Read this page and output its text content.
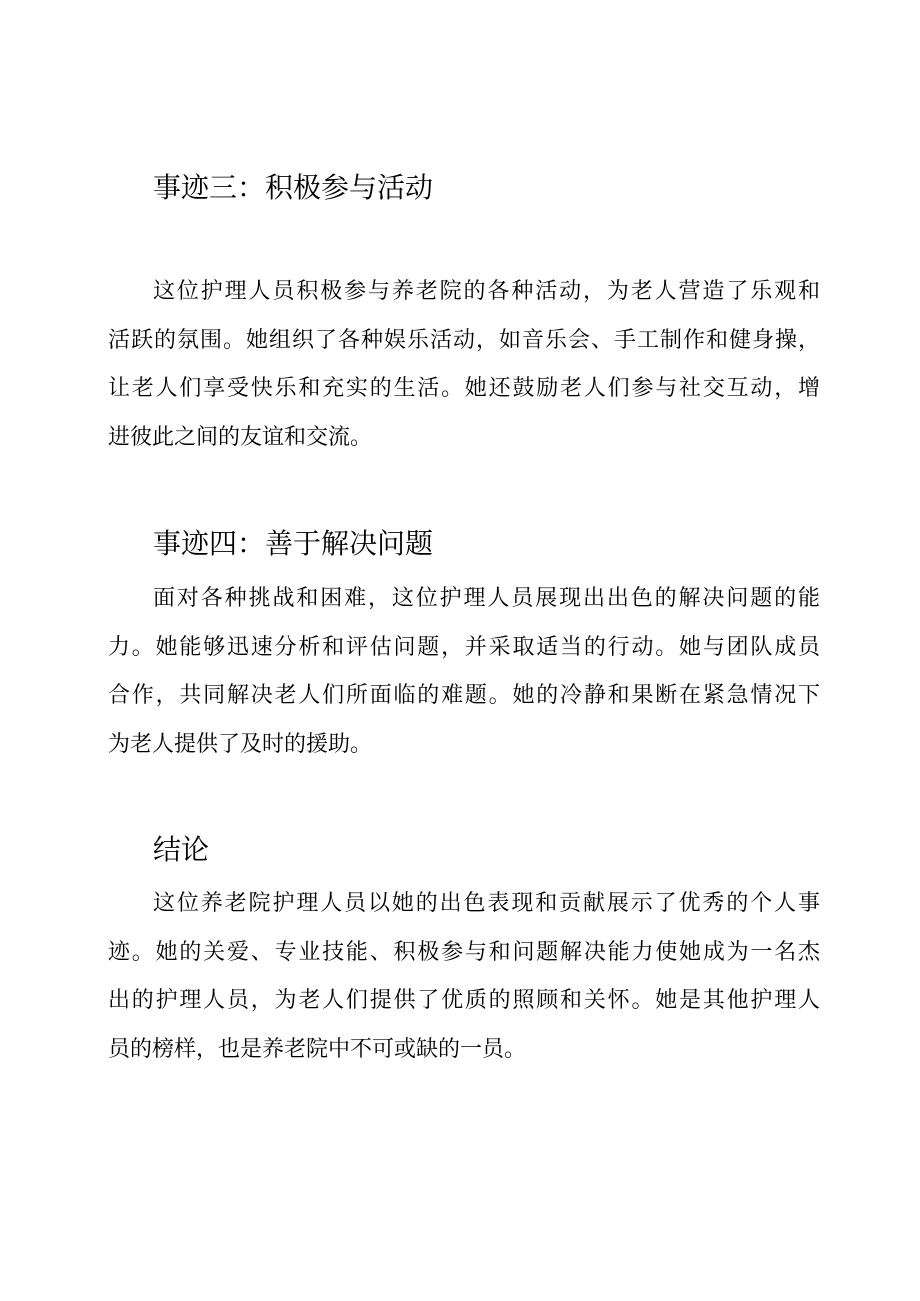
事迹三：积极参与活动
这位护理人员积极参与养老院的各种活动，为老人营造了乐观和
活跃的氛围。她组织了各种娱乐活动，如音乐会、手工制作和健身操，
让老人们享受快乐和充实的生活。她还鼓励老人们参与社交互动，增
进彼此之间的友谊和交流。
事迹四：善于解决问题
面对各种挑战和困难，这位护理人员展现出出色的解决问题的能
力。她能够迅速分析和评估问题，并采取适当的行动。她与团队成员
合作，共同解决老人们所面临的难题。她的冷静和果断在紧急情况下
为老人提供了及时的援助。
结论
这位养老院护理人员以她的出色表现和贡献展示了优秀的个人事
迹。她的关爱、专业技能、积极参与和问题解决能力使她成为一名杰
出的护理人员，为老人们提供了优质的照顾和关怀。她是其他护理人
员的榜样，也是养老院中不可或缺的一员。
